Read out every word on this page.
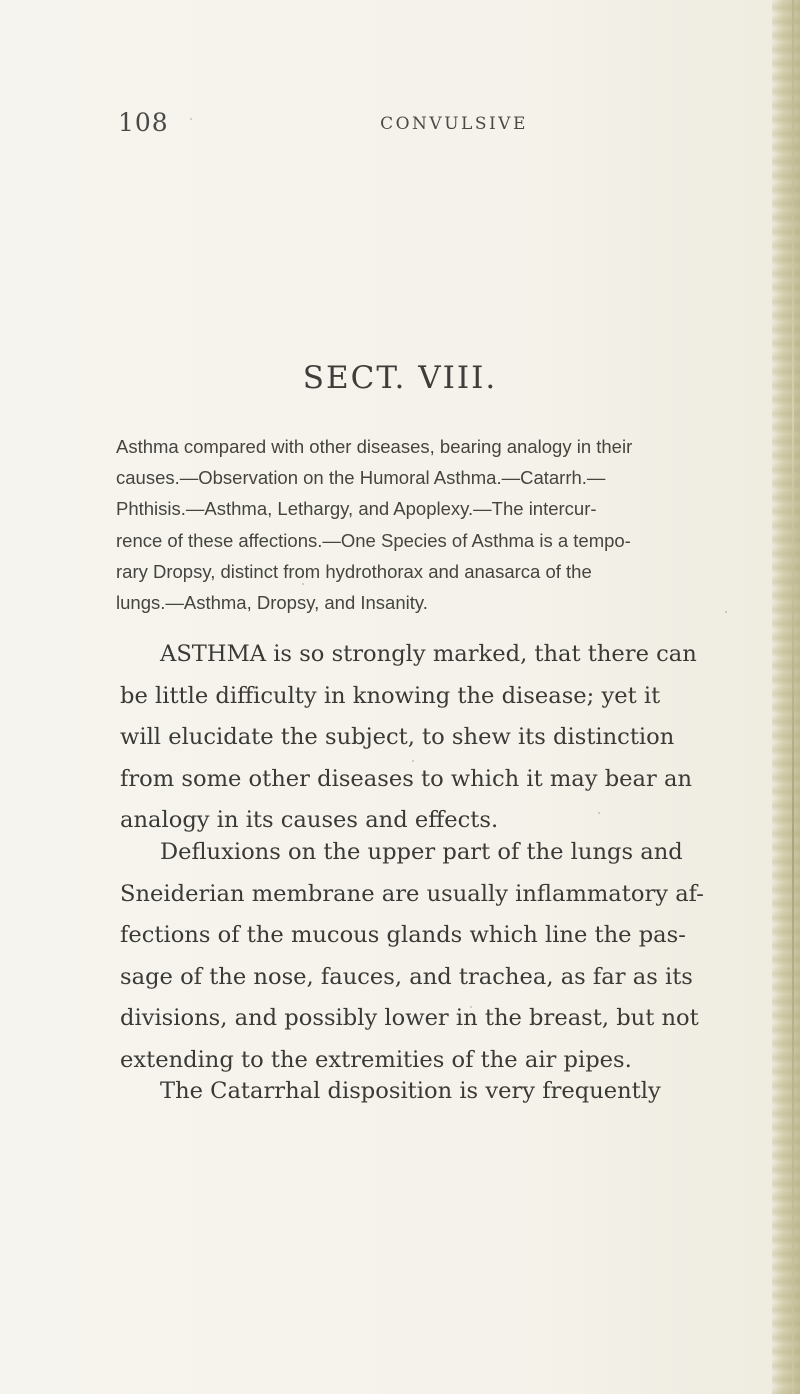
108	CONVULSIVE
SECT. VIII.
Asthma compared with other diseases, bearing analogy in their
causes.—Observation on the Humoral Asthma.—Catarrh.—
Phthisis.—Asthma, Lethargy, and Apoplexy.—The intercur-
rence of these affections.—One Species of Asthma is a tempo-
rary Dropsy, distinct from hydrothorax and anasarca of the
lungs.—Asthma, Dropsy, and Insanity.
ASTHMA is so strongly marked, that there can
be little difficulty in knowing the disease; yet it
will elucidate the subject, to shew its distinction
from some other diseases to which it may bear an
analogy in its causes and effects.
Defluxions on the upper part of the lungs and
Sneiderian membrane are usually inflammatory af-
fections of the mucous glands which line the pas-
sage of the nose, fauces, and trachea, as far as its
divisions, and possibly lower in the breast, but not
extending to the extremities of the air pipes.
The Catarrhal disposition is very frequently
